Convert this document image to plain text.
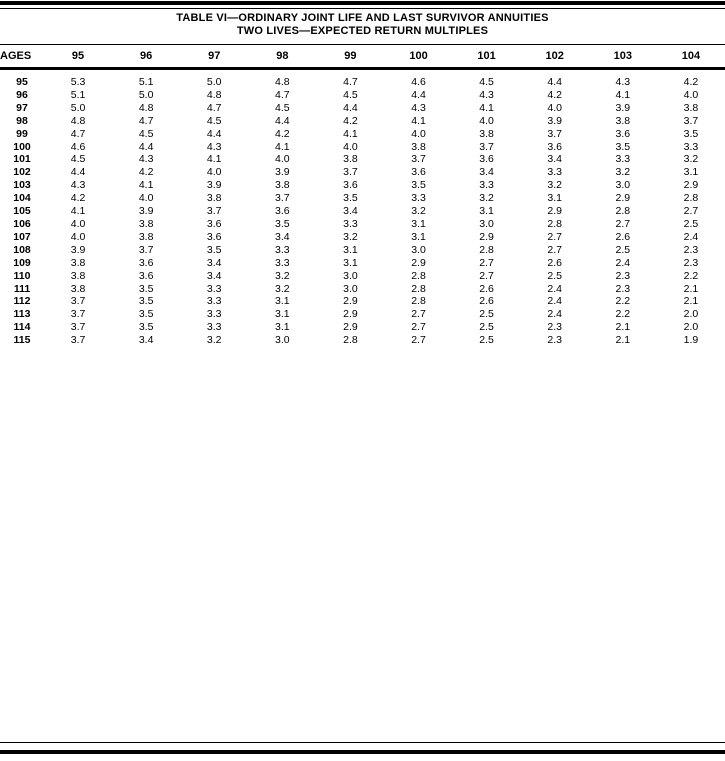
TABLE VI—ORDINARY JOINT LIFE AND LAST SURVIVOR ANNUITIES
TWO LIVES—EXPECTED RETURN MULTIPLES
AGES	95	96	97	98	99	100	101	102	103	104
95	5.3	5.1	5.0	4.8	4.7	4.6	4.5	4.4	4.3	4.2
96	5.1	5.0	4.8	4.7	4.5	4.4	4.3	4.2	4.1	4.0
97	5.0	4.8	4.7	4.5	4.4	4.3	4.1	4.0	3.9	3.8
98	4.8	4.7	4.5	4.4	4.2	4.1	4.0	3.9	3.8	3.7
99	4.7	4.5	4.4	4.2	4.1	4.0	3.8	3.7	3.6	3.5
100	4.6	4.4	4.3	4.1	4.0	3.8	3.7	3.6	3.5	3.3
101	4.5	4.3	4.1	4.0	3.8	3.7	3.6	3.4	3.3	3.2
102	4.4	4.2	4.0	3.9	3.7	3.6	3.4	3.3	3.2	3.1
103	4.3	4.1	3.9	3.8	3.6	3.5	3.3	3.2	3.0	2.9
104	4.2	4.0	3.8	3.7	3.5	3.3	3.2	3.1	2.9	2.8
105	4.1	3.9	3.7	3.6	3.4	3.2	3.1	2.9	2.8	2.7
106	4.0	3.8	3.6	3.5	3.3	3.1	3.0	2.8	2.7	2.5
107	4.0	3.8	3.6	3.4	3.2	3.1	2.9	2.7	2.6	2.4
108	3.9	3.7	3.5	3.3	3.1	3.0	2.8	2.7	2.5	2.3
109	3.8	3.6	3.4	3.3	3.1	2.9	2.7	2.6	2.4	2.3
110	3.8	3.6	3.4	3.2	3.0	2.8	2.7	2.5	2.3	2.2
111	3.8	3.5	3.3	3.2	3.0	2.8	2.6	2.4	2.3	2.1
112	3.7	3.5	3.3	3.1	2.9	2.8	2.6	2.4	2.2	2.1
113	3.7	3.5	3.3	3.1	2.9	2.7	2.5	2.4	2.2	2.0
114	3.7	3.5	3.3	3.1	2.9	2.7	2.5	2.3	2.1	2.0
115	3.7	3.4	3.2	3.0	2.8	2.7	2.5	2.3	2.1	1.9
